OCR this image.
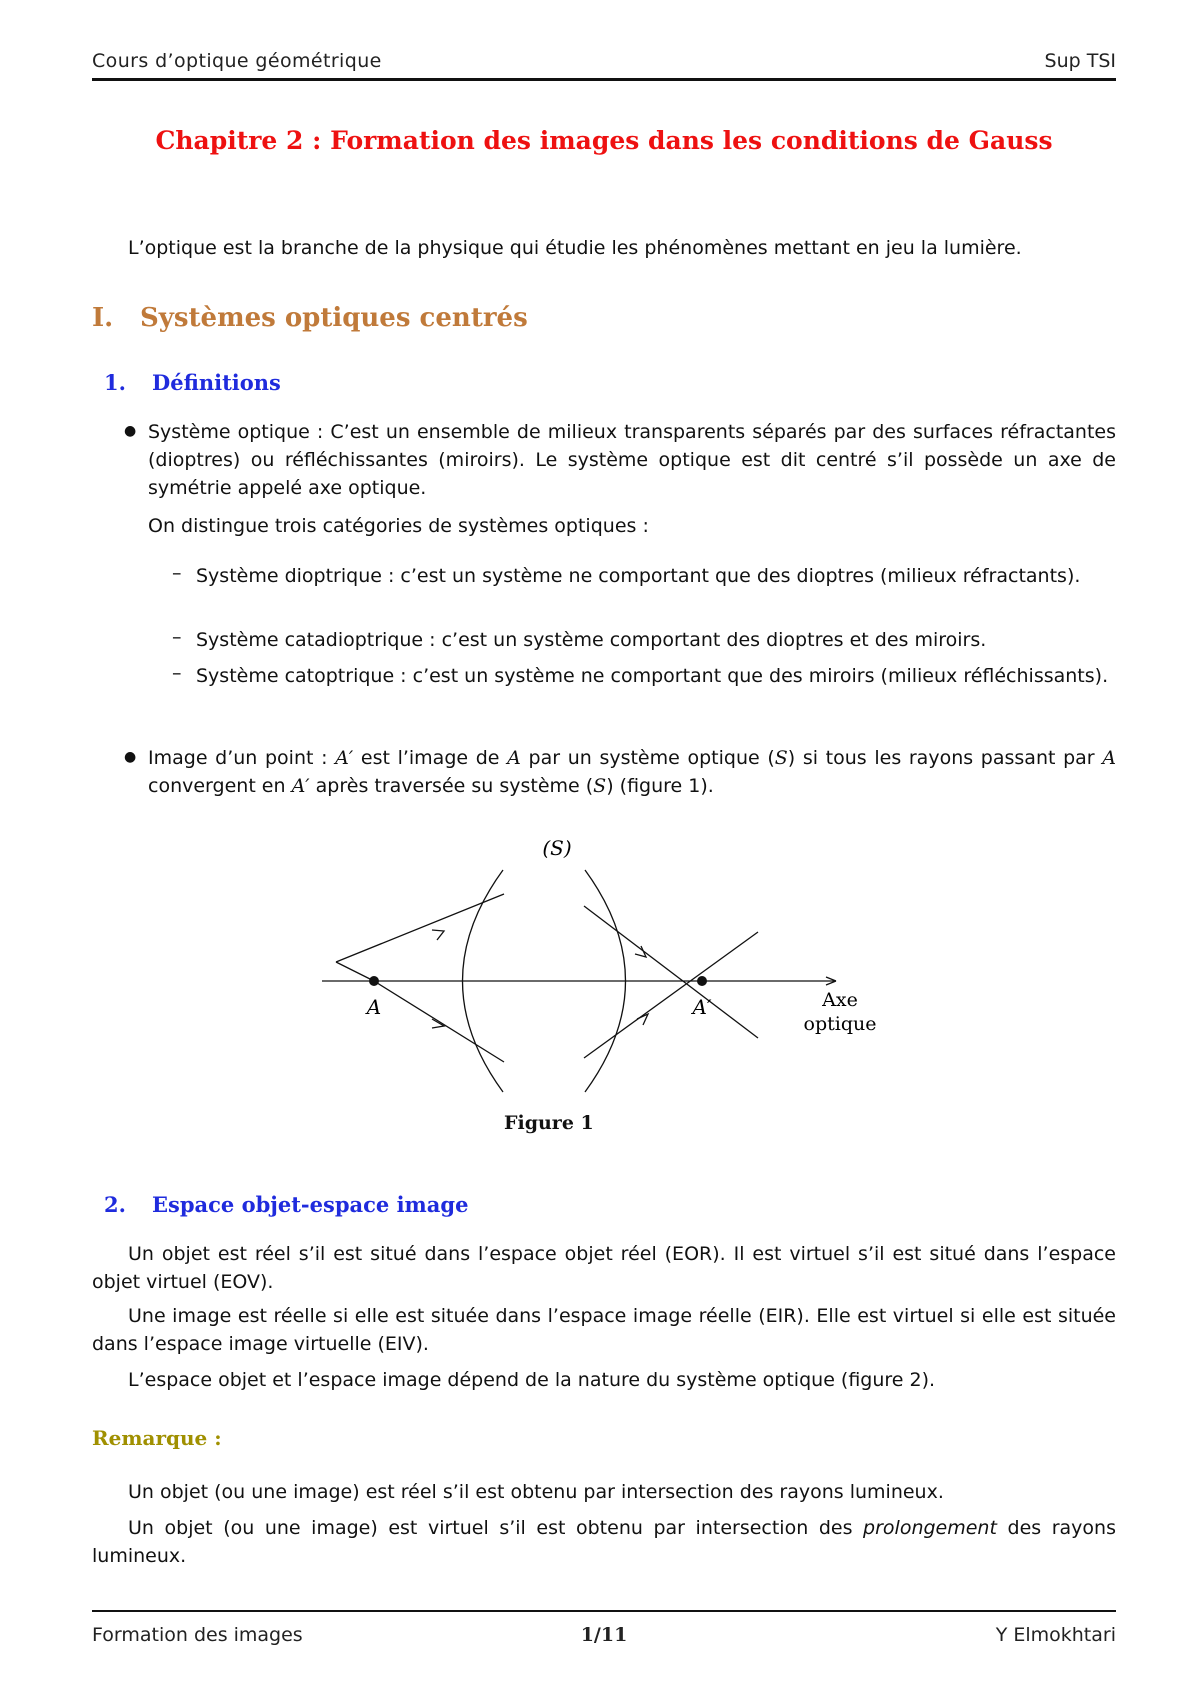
Cours d’optique géométrique	Sup TSI
Chapitre 2 : Formation des images dans les conditions de Gauss
L’optique est la branche de la physique qui étudie les phénomènes mettant en jeu la lumière.
I. Systèmes optiques centrés
1. Définitions
● Système optique : C’est un ensemble de milieux transparents séparés par des surfaces réfractantes (dioptres) ou réfléchissantes (miroirs). Le système optique est dit centré s’il possède un axe de symétrie appelé axe optique.
On distingue trois catégories de systèmes optiques :
– Système dioptrique : c’est un système ne comportant que des dioptres (milieux réfractants).
– Système catadioptrique : c’est un système comportant des dioptres et des miroirs.
– Système catoptrique : c’est un système ne comportant que des miroirs (milieux réfléchissants).
● Image d’un point : A′ est l’image de A par un système optique (S) si tous les rayons passant par A convergent en A′ après traversée su système (S) (figure 1).
(S)
A	A′	Axe
optique
Figure 1
2. Espace objet-espace image
Un objet est réel s’il est situé dans l’espace objet réel (EOR). Il est virtuel s’il est situé dans l’espace objet virtuel (EOV).
Une image est réelle si elle est située dans l’espace image réelle (EIR). Elle est virtuel si elle est située dans l’espace image virtuelle (EIV).
L’espace objet et l’espace image dépend de la nature du système optique (figure 2).
Remarque :
Un objet (ou une image) est réel s’il est obtenu par intersection des rayons lumineux.
Un objet (ou une image) est virtuel s’il est obtenu par intersection des prolongement des rayons lumineux.
Formation des images	1/11	Y Elmokhtari
